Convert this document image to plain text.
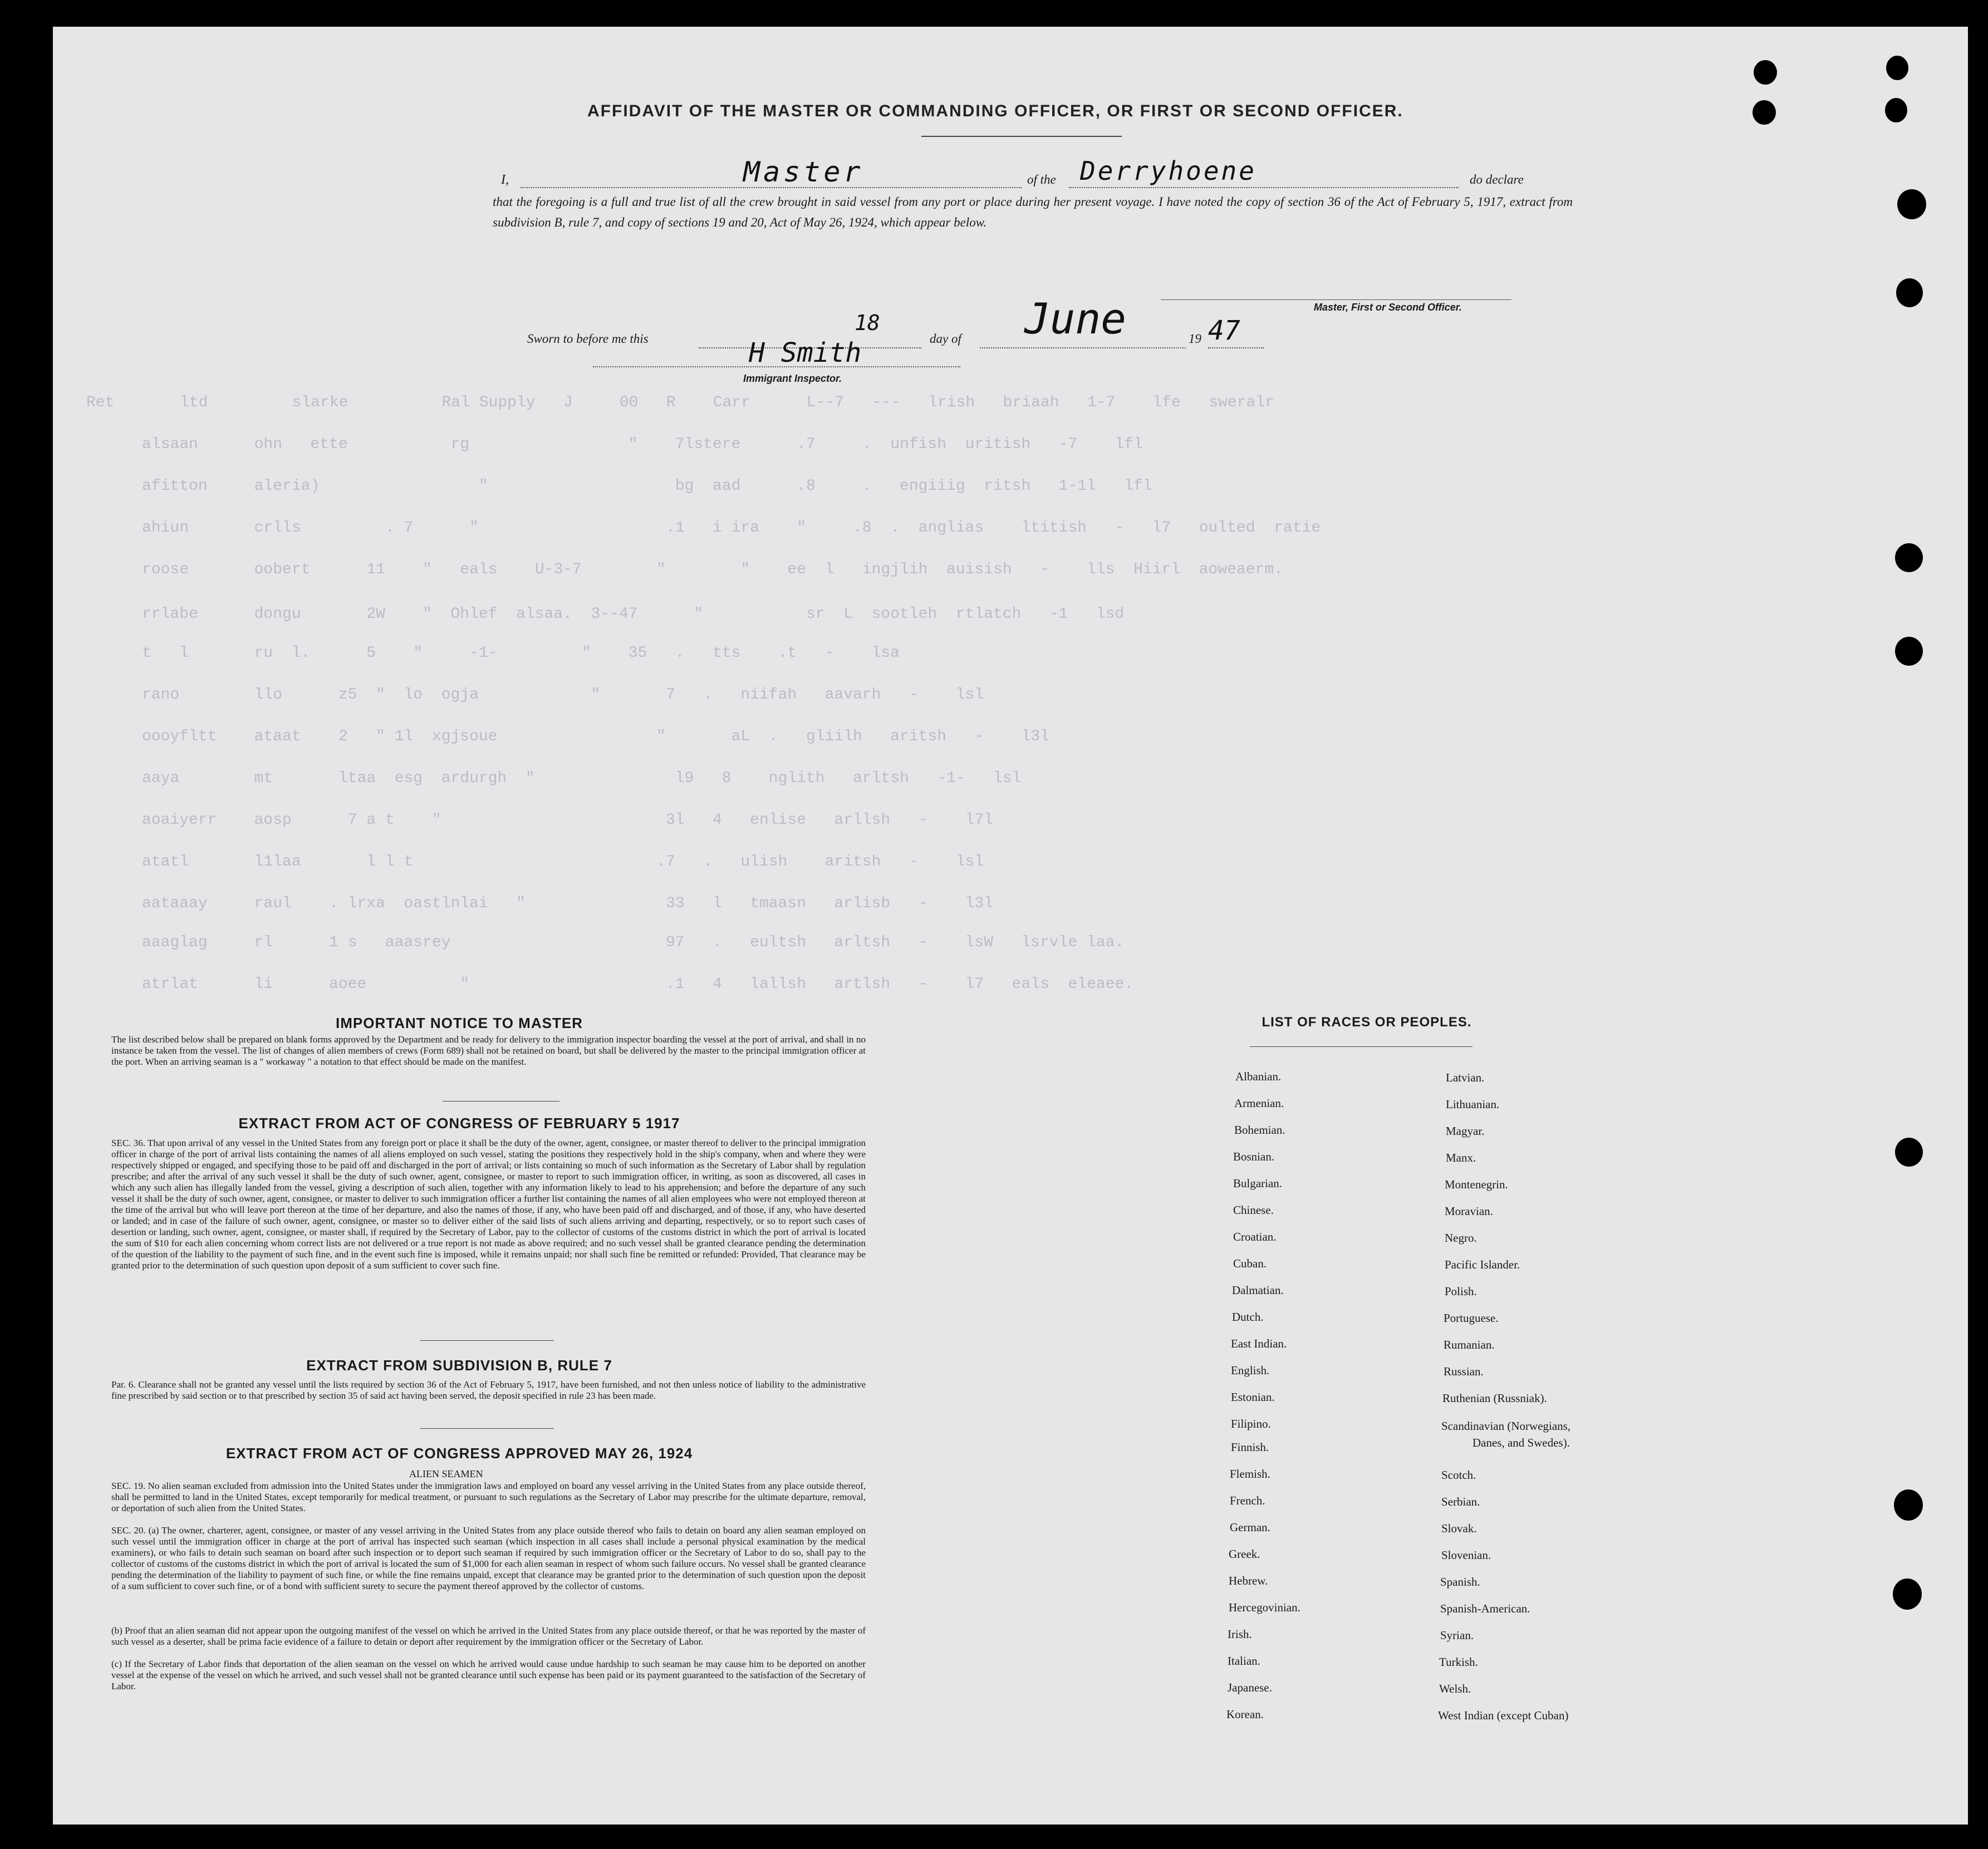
Ret       ltd         slarke          Ral Supply   J     00   R    Carr      L--7   ---   lrish   briaah   1-7    lfe   sweralr
alsaan      ohn   ette           rg                 "    7lstere      .7     .  unfish  uritish   -7    lfl
afitton     aleria)                 "                    bg  aad      .8     .   engiiig  ritsh   1-1l   lfl
ahiun       crlls         . 7      "                    .1   i ira    "     .8  .  anglias    ltitish   -   l7   oulted  ratie
roose       oobert      11    "   eals    U-3-7        "        "    ee  l   ingjlih  auisish   -    lls  Hiirl  aoweaerm.
rrlabe      dongu       2W    "  Ohlef  alsaa.  3--47      "           sr  L  sootleh  rtlatch   -1   lsd
t   l       ru  l.      5    "     -1-         "    35   .   tts    .t   -    lsa
rano        llo      z5  "  lo  ogja            "       7   .   niifah   aavarh   -    lsl
oooyfltt    ataat    2   " 1l  xgjsoue                 "       aL  .   gliilh   aritsh   -    l3l
aaya        mt       ltaa  esg  ardurgh  "               l9   8    nglith   arltsh   -1-   lsl
aoaiyerr    aosp      7 a t    "                        3l   4   enlise   arllsh   -    l7l
atatl       l1laa       l l t                          .7   .   ulish    aritsh   -    lsl
aataaay     raul    . lrxa  oastlnlai   "               33   l   tmaasn   arlisb   -    l3l
aaaglag     rl      1 s   aaasrey                       97   .   eultsh   arltsh   -    lsW   lsrvle laa.
atrlat      li      aoee          "                     .1   4   lallsh   artlsh   -    l7   eals  eleaee.
AFFIDAVIT OF THE MASTER OR COMMANDING OFFICER, OR FIRST OR SECOND OFFICER.
I,	Master	of the Derryhoene	do declare
that the foregoing is a full and true list of all the crew brought in said vessel from any port or place during her present voyage. I have noted the copy of section 36 of the Act of February 5, 1917, extract from subdivision B, rule 7, and copy of sections 19 and 20, Act of May 26, 1924, which appear below.
Master, First or Second Officer.
Sworn to before me this
18
day of June	19 47
H Smith
Immigrant Inspector.
IMPORTANT NOTICE TO MASTER
The list described below shall be prepared on blank forms approved by the Department and be ready for delivery to the immigration inspector boarding the vessel at the port of arrival, and shall in no instance be taken from the vessel. The list of changes of alien members of crews (Form 689) shall not be retained on board, but shall be delivered by the master to the principal immigration officer at the port. When an arriving seaman is a " workaway " a notation to that effect should be made on the manifest.
EXTRACT FROM ACT OF CONGRESS OF FEBRUARY 5 1917
SEC. 36. That upon arrival of any vessel in the United States from any foreign port or place it shall be the duty of the owner, agent, consignee, or master thereof to deliver to the principal immigration officer in charge of the port of arrival lists containing the names of all aliens employed on such vessel, stating the positions they respectively hold in the ship's company, when and where they were respectively shipped or engaged, and specifying those to be paid off and discharged in the port of arrival; or lists containing so much of such information as the Secretary of Labor shall by regulation prescribe; and after the arrival of any such vessel it shall be the duty of such owner, agent, consignee, or master to report to such immigration officer, in writing, as soon as discovered, all cases in which any such alien has illegally landed from the vessel, giving a description of such alien, together with any information likely to lead to his apprehension; and before the departure of any such vessel it shall be the duty of such owner, agent, consignee, or master to deliver to such immigration officer a further list containing the names of all alien employees who were not employed thereon at the time of the arrival but who will leave port thereon at the time of her departure, and also the names of those, if any, who have been paid off and discharged, and of those, if any, who have deserted or landed; and in case of the failure of such owner, agent, consignee, or master so to deliver either of the said lists of such aliens arriving and departing, respectively, or so to report such cases of desertion or landing, such owner, agent, consignee, or master shall, if required by the Secretary of Labor, pay to the collector of customs of the customs district in which the port of arrival is located the sum of $10 for each alien concerning whom correct lists are not delivered or a true report is not made as above required; and no such vessel shall be granted clearance pending the determination of the question of the liability to the payment of such fine, and in the event such fine is imposed, while it remains unpaid; nor shall such fine be remitted or refunded: Provided, That clearance may be granted prior to the determination of such question upon deposit of a sum sufficient to cover such fine.
EXTRACT FROM SUBDIVISION B, RULE 7
Par. 6. Clearance shall not be granted any vessel until the lists required by section 36 of the Act of February 5, 1917, have been furnished, and not then unless notice of liability to the administrative fine prescribed by said section or to that prescribed by section 35 of said act having been served, the deposit specified in rule 23 has been made.
EXTRACT FROM ACT OF CONGRESS APPROVED MAY 26, 1924
ALIEN SEAMEN
SEC. 19. No alien seaman excluded from admission into the United States under the immigration laws and employed on board any vessel arriving in the United States from any place outside thereof, shall be permitted to land in the United States, except temporarily for medical treatment, or pursuant to such regulations as the Secretary of Labor may prescribe for the ultimate departure, removal, or deportation of such alien from the United States.
SEC. 20. (a) The owner, charterer, agent, consignee, or master of any vessel arriving in the United States from any place outside thereof who fails to detain on board any alien seaman employed on such vessel until the immigration officer in charge at the port of arrival has inspected such seaman (which inspection in all cases shall include a personal physical examination by the medical examiners), or who fails to detain such seaman on board after such inspection or to deport such seaman if required by such immigration officer or the Secretary of Labor to do so, shall pay to the collector of customs of the customs district in which the port of arrival is located the sum of $1,000 for each alien seaman in respect of whom such failure occurs. No vessel shall be granted clearance pending the determination of the liability to payment of such fine, or while the fine remains unpaid, except that clearance may be granted prior to the determination of such question upon the deposit of a sum sufficient to cover such fine, or of a bond with sufficient surety to secure the payment thereof approved by the collector of customs.
(b) Proof that an alien seaman did not appear upon the outgoing manifest of the vessel on which he arrived in the United States from any place outside thereof, or that he was reported by the master of such vessel as a deserter, shall be prima facie evidence of a failure to detain or deport after requirement by the immigration officer or the Secretary of Labor.
(c) If the Secretary of Labor finds that deportation of the alien seaman on the vessel on which he arrived would cause undue hardship to such seaman he may cause him to be deported on another vessel at the expense of the vessel on which he arrived, and such vessel shall not be granted clearance until such expense has been paid or its payment guaranteed to the satisfaction of the Secretary of Labor.
LIST OF RACES OR PEOPLES.
Albanian.
Armenian.
Bohemian.
Bosnian.
Bulgarian.
Chinese.
Croatian.
Cuban.
Dalmatian.
Dutch.
East Indian.
English.
Estonian.
Filipino.
Finnish.
Flemish.
French.
German.
Greek.
Hebrew.
Hercegovinian.
Irish.
Italian.
Japanese.
Korean.
Latvian.
Lithuanian.
Magyar.
Manx.
Montenegrin.
Moravian.
Negro.
Pacific Islander.
Polish.
Portuguese.
Rumanian.
Russian.
Ruthenian (Russniak).
Scandinavian (Norwegians,
Danes, and Swedes).
Scotch.
Serbian.
Slovak.
Slovenian.
Spanish.
Spanish-American.
Syrian.
Turkish.
Welsh.
West Indian (except Cuban)
